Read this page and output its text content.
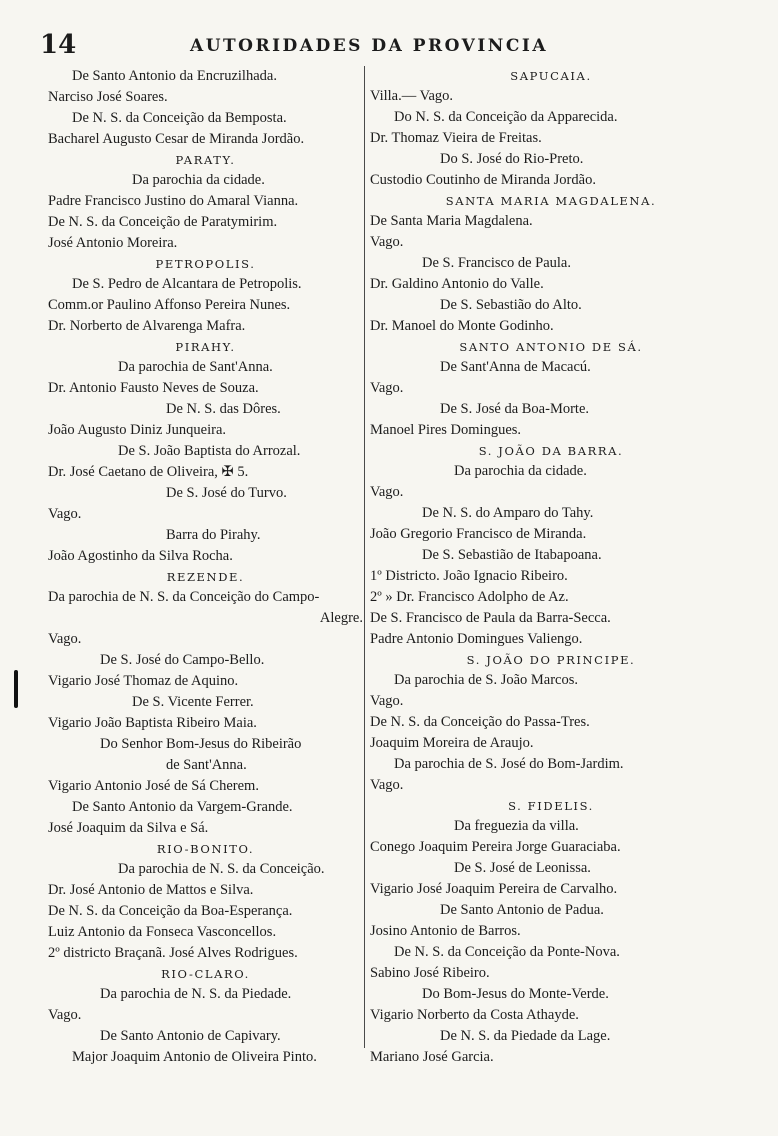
14	AUTORIDADES DA PROVINCIA
De Santo Antonio da Encruzilhada.
Narciso José Soares.
De N. S. da Conceição da Bemposta.
Bacharel Augusto Cesar de Miranda Jordão.
PARATY.
Da parochia da cidade.
Padre Francisco Justino do Amaral Vianna.
De N. S. da Conceição de Paratymirim.
José Antonio Moreira.
PETROPOLIS.
De S. Pedro de Alcantara de Petropolis.
Comm.or Paulino Affonso Pereira Nunes.
Dr. Norberto de Alvarenga Mafra.
PIRAHY.
Da parochia de Sant'Anna.
Dr. Antonio Fausto Neves de Souza.
De N. S. das Dôres.
João Augusto Diniz Junqueira.
De S. João Baptista do Arrozal.
Dr. José Caetano de Oliveira, ✠ 5.
De S. José do Turvo.
Vago.
Barra do Pirahy.
João Agostinho da Silva Rocha.
REZENDE.
Da parochia de N. S. da Conceição do Campo-
Alegre.
Vago.
De S. José do Campo-Bello.
Vigario José Thomaz de Aquino.
De S. Vicente Ferrer.
Vigario João Baptista Ribeiro Maia.
Do Senhor Bom-Jesus do Ribeirão
de Sant'Anna.
Vigario Antonio José de Sá Cherem.
De Santo Antonio da Vargem-Grande.
José Joaquim da Silva e Sá.
RIO-BONITO.
Da parochia de N. S. da Conceição.
Dr. José Antonio de Mattos e Silva.
De N. S. da Conceição da Boa-Esperança.
Luiz Antonio da Fonseca Vasconcellos.
2º districto Braçanã. José Alves Rodrigues.
RIO-CLARO.
Da parochia de N. S. da Piedade.
Vago.
De Santo Antonio de Capivary.
Major Joaquim Antonio de Oliveira Pinto.
SAPUCAIA.
Villa.— Vago.
Do N. S. da Conceição da Apparecida.
Dr. Thomaz Vieira de Freitas.
Do S. José do Rio-Preto.
Custodio Coutinho de Miranda Jordão.
SANTA MARIA MAGDALENA.
De Santa Maria Magdalena.
Vago.
De S. Francisco de Paula.
Dr. Galdino Antonio do Valle.
De S. Sebastião do Alto.
Dr. Manoel do Monte Godinho.
SANTO ANTONIO DE SÁ.
De Sant'Anna de Macacú.
Vago.
De S. José da Boa-Morte.
Manoel Pires Domingues.
S. JOÃO DA BARRA.
Da parochia da cidade.
Vago.
De N. S. do Amparo do Tahy.
João Gregorio Francisco de Miranda.
De S. Sebastião de Itabapoana.
1º Districto. João Ignacio Ribeiro.
2º » Dr. Francisco Adolpho de Az.
De S. Francisco de Paula da Barra-Secca.
Padre Antonio Domingues Valiengo.
S. JOÃO DO PRINCIPE.
Da parochia de S. João Marcos.
Vago.
De N. S. da Conceição do Passa-Tres.
Joaquim Moreira de Araujo.
Da parochia de S. José do Bom-Jardim.
Vago.
S. FIDELIS.
Da freguezia da villa.
Conego Joaquim Pereira Jorge Guaraciaba.
De S. José de Leonissa.
Vigario José Joaquim Pereira de Carvalho.
De Santo Antonio de Padua.
Josino Antonio de Barros.
De N. S. da Conceição da Ponte-Nova.
Sabino José Ribeiro.
Do Bom-Jesus do Monte-Verde.
Vigario Norberto da Costa Athayde.
De N. S. da Piedade da Lage.
Mariano José Garcia.
